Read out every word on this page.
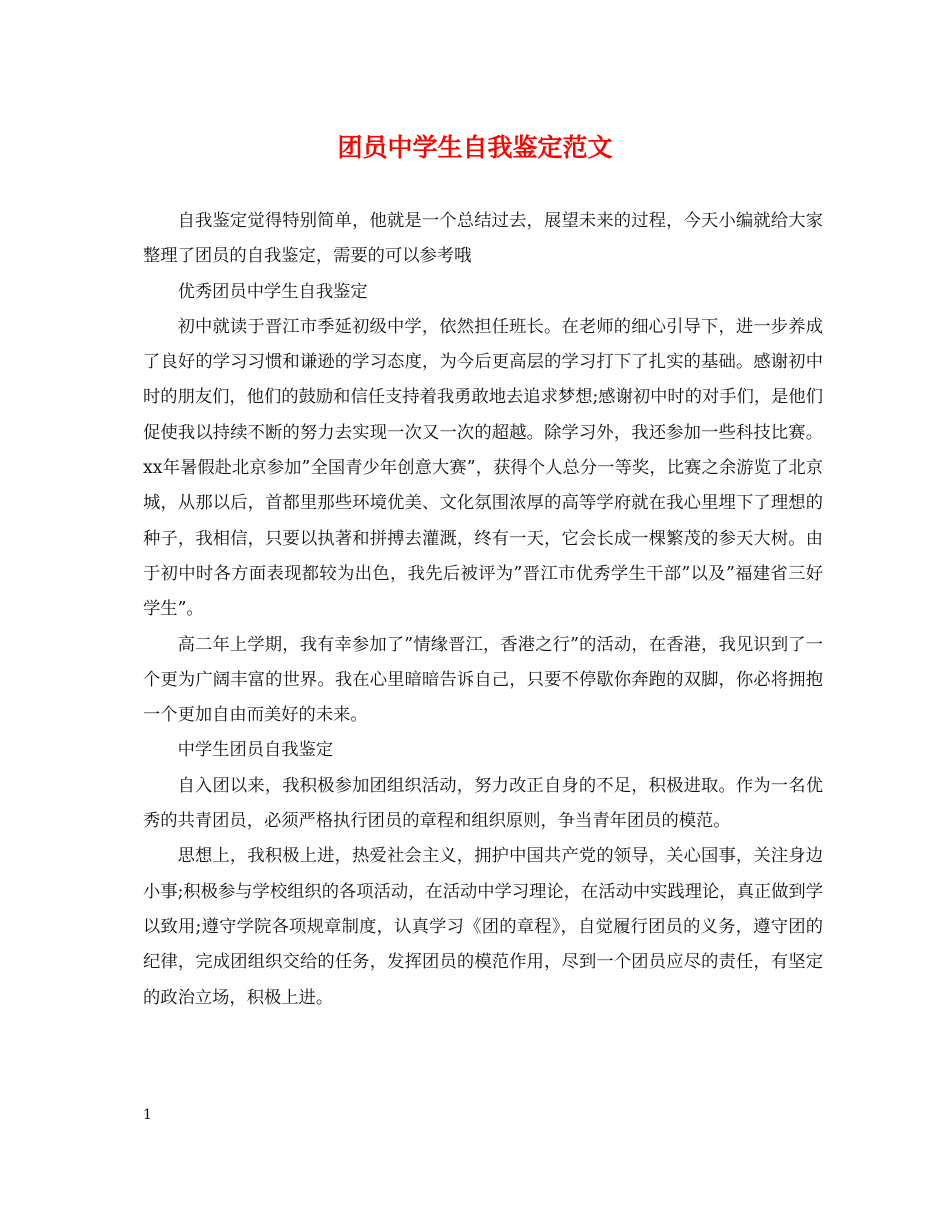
团员中学生自我鉴定范文

自我鉴定觉得特别简单，他就是一个总结过去，展望未来的过程，今天小编就给大家整理了团员的自我鉴定，需要的可以参考哦

优秀团员中学生自我鉴定

初中就读于晋江市季延初级中学，依然担任班长。在老师的细心引导下，进一步养成了良好的学习习惯和谦逊的学习态度，为今后更高层的学习打下了扎实的基础。感谢初中时的朋友们，他们的鼓励和信任支持着我勇敢地去追求梦想;感谢初中时的对手们，是他们促使我以持续不断的努力去实现一次又一次的超越。除学习外，我还参加一些科技比赛。xx年暑假赴北京参加”全国青少年创意大赛”，获得个人总分一等奖，比赛之余游览了北京城，从那以后，首都里那些环境优美、文化氛围浓厚的高等学府就在我心里埋下了理想的种子，我相信，只要以执著和拼搏去灌溉，终有一天，它会长成一棵繁茂的参天大树。由于初中时各方面表现都较为出色，我先后被评为”晋江市优秀学生干部”以及”福建省三好学生”。

高二年上学期，我有幸参加了”情缘晋江，香港之行”的活动，在香港，我见识到了一个更为广阔丰富的世界。我在心里暗暗告诉自己，只要不停歇你奔跑的双脚，你必将拥抱一个更加自由而美好的未来。

中学生团员自我鉴定

自入团以来，我积极参加团组织活动，努力改正自身的不足，积极进取。作为一名优秀的共青团员，必须严格执行团员的章程和组织原则，争当青年团员的模范。

思想上，我积极上进，热爱社会主义，拥护中国共产党的领导，关心国事，关注身边小事;积极参与学校组织的各项活动，在活动中学习理论，在活动中实践理论，真正做到学以致用;遵守学院各项规章制度，认真学习《团的章程》，自觉履行团员的义务，遵守团的纪律，完成团组织交给的任务，发挥团员的模范作用，尽到一个团员应尽的责任，有坚定的政治立场，积极上进。

1
